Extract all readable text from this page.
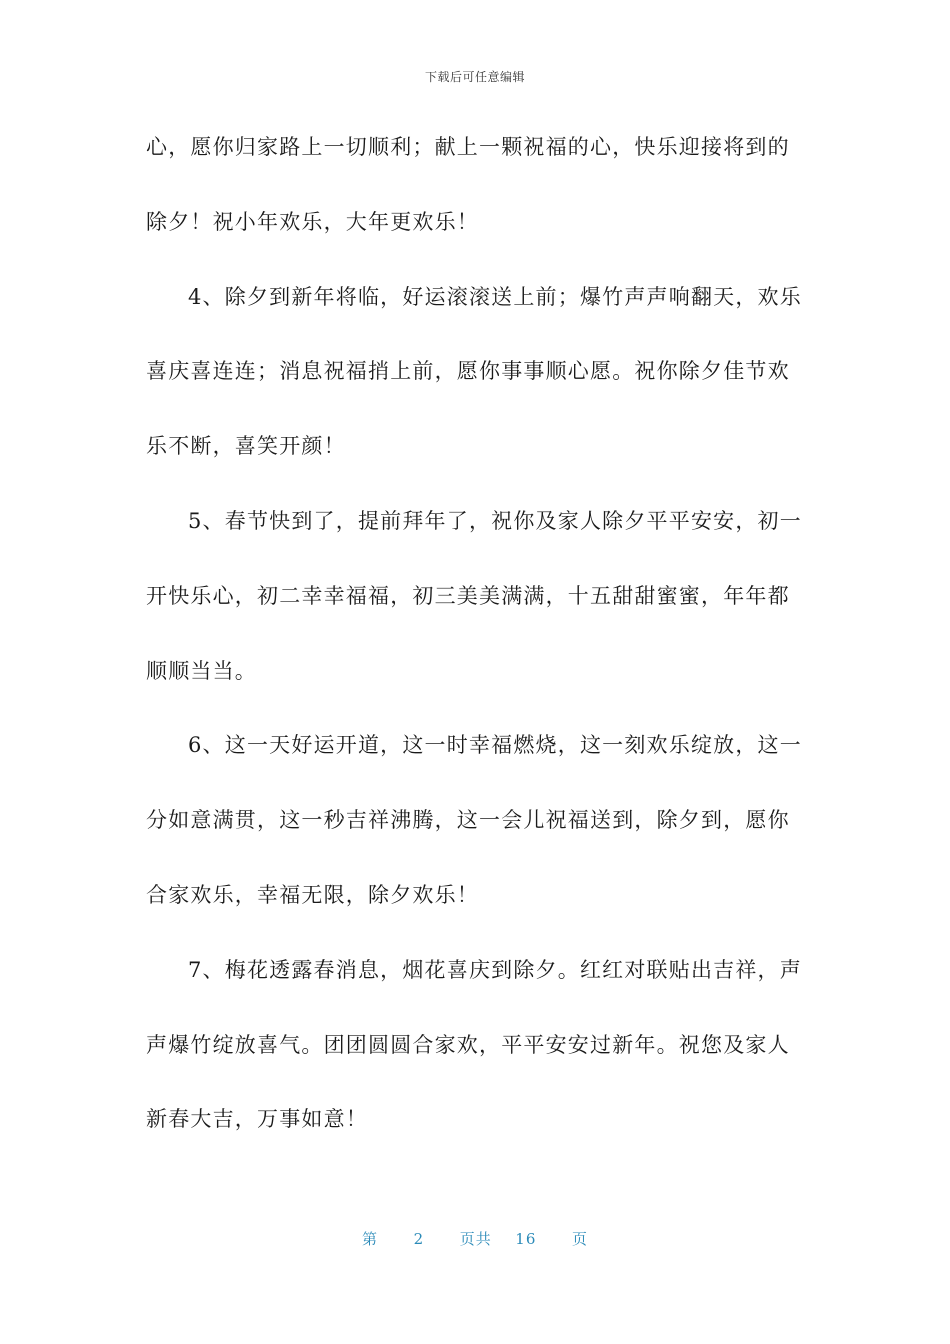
下载后可任意编辑
心，愿你归家路上一切顺利；献上一颗祝福的心，快乐迎接将到的
除夕！祝小年欢乐，大年更欢乐！
4、除夕到新年将临，好运滚滚送上前；爆竹声声响翻天，欢乐
喜庆喜连连；消息祝福捎上前，愿你事事顺心愿。祝你除夕佳节欢
乐不断，喜笑开颜！
5、春节快到了，提前拜年了，祝你及家人除夕平平安安，初一
开快乐心，初二幸幸福福，初三美美满满，十五甜甜蜜蜜，年年都
顺顺当当。
6、这一天好运开道，这一时幸福燃烧，这一刻欢乐绽放，这一
分如意满贯，这一秒吉祥沸腾，这一会儿祝福送到，除夕到，愿你
合家欢乐，幸福无限，除夕欢乐！
7、梅花透露春消息，烟花喜庆到除夕。红红对联贴出吉祥，声
声爆竹绽放喜气。团团圆圆合家欢，平平安安过新年。祝您及家人
新春大吉，万事如意！
第 2 页共 16 页
